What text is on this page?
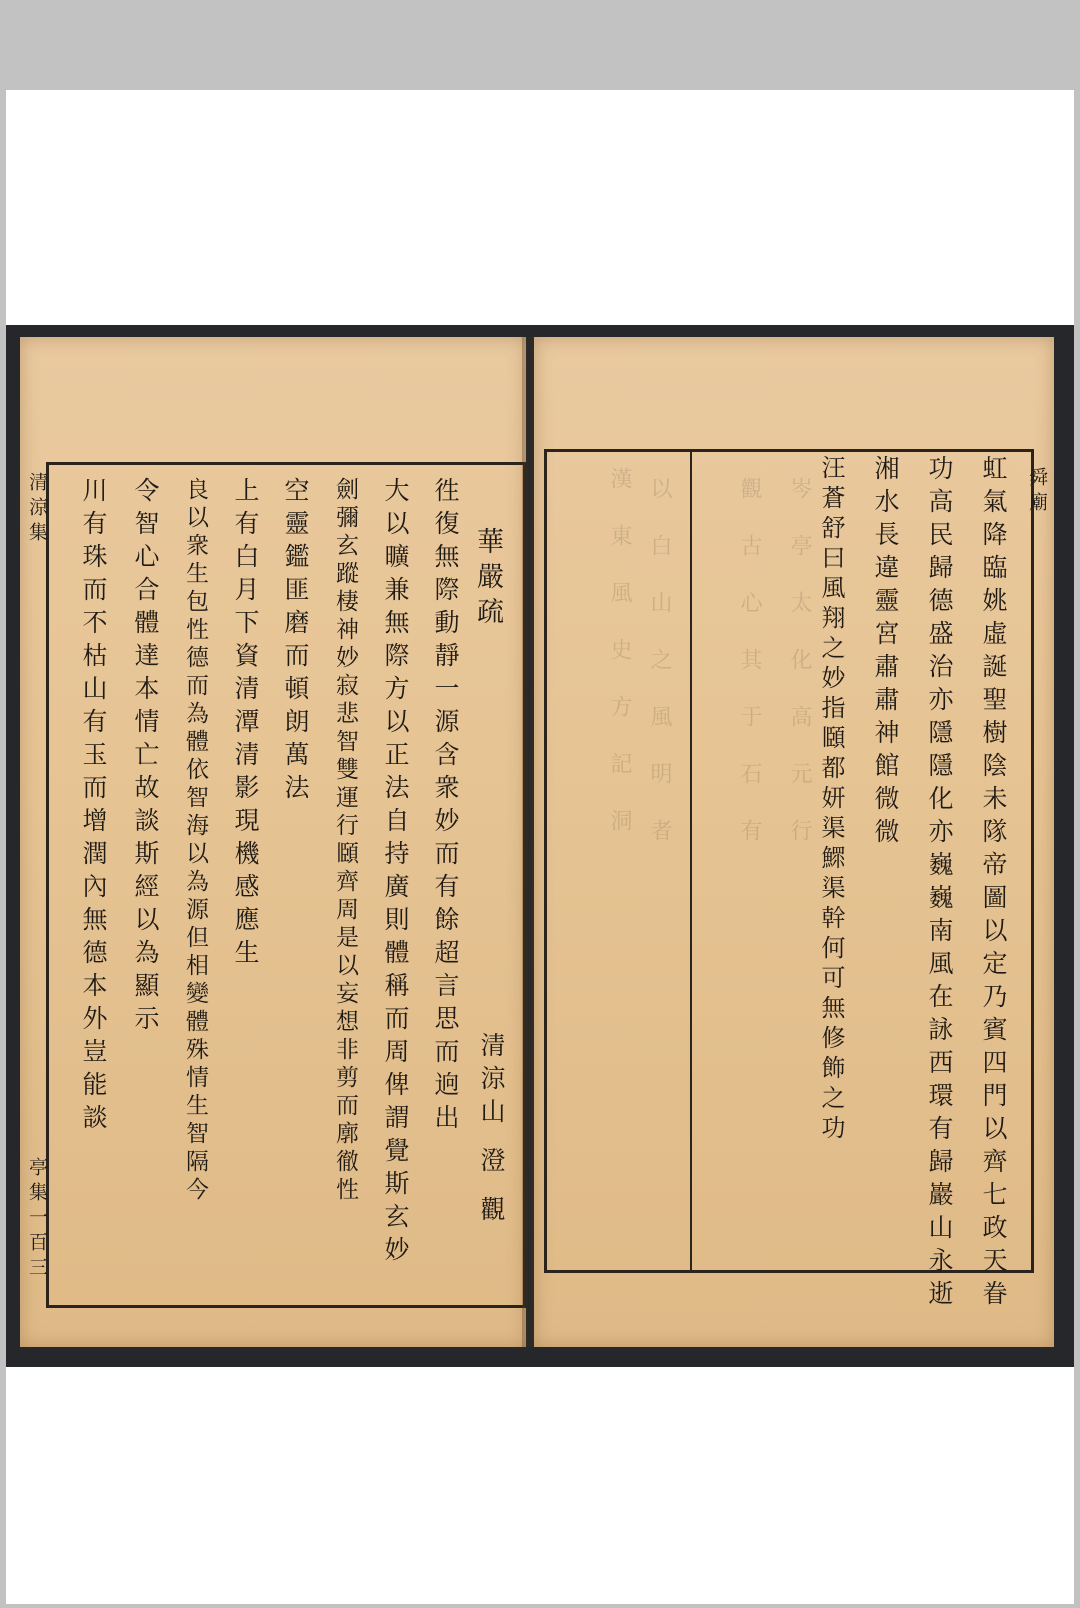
清涼集
亭集一百三
華嚴疏
清涼山 澄 觀
徃復無際動靜一源含衆妙而有餘超言思而逈出
大以曠兼無際方以正法自持廣則體稱而周俾謂覺斯玄妙
劍彌玄蹤棲神妙寂悲智雙運行頥齊周是以妄想非剪而廓徹性
空靈鑑匪磨而頓朗萬法
上有白月下資清潭清影現機感應生
良以衆生包性德而為體依智海以為源但相變體殊情生智隔今
令智心合體達本情亡故談斯經以為顯示
川有珠而不枯山有玉而增潤內無德本外豈能談	漢 東 風 史 方 記 洞 以 白 山 之 風 明 者	觀 古 心 其 于 石 有 岑 亭 太 化 高 元 行	舜廟
虹氣降臨姚虛誕聖樹陰未隊帝圖以定乃賓四門以齊七政天眷
功高民歸德盛治亦隱隱化亦巍巍南風在詠西環有歸巖山永逝
湘水長違靈宮肅肅神館微微
汪蒼舒曰風翔之妙指頥都妍渠鰥渠幹何可無修飾之功
